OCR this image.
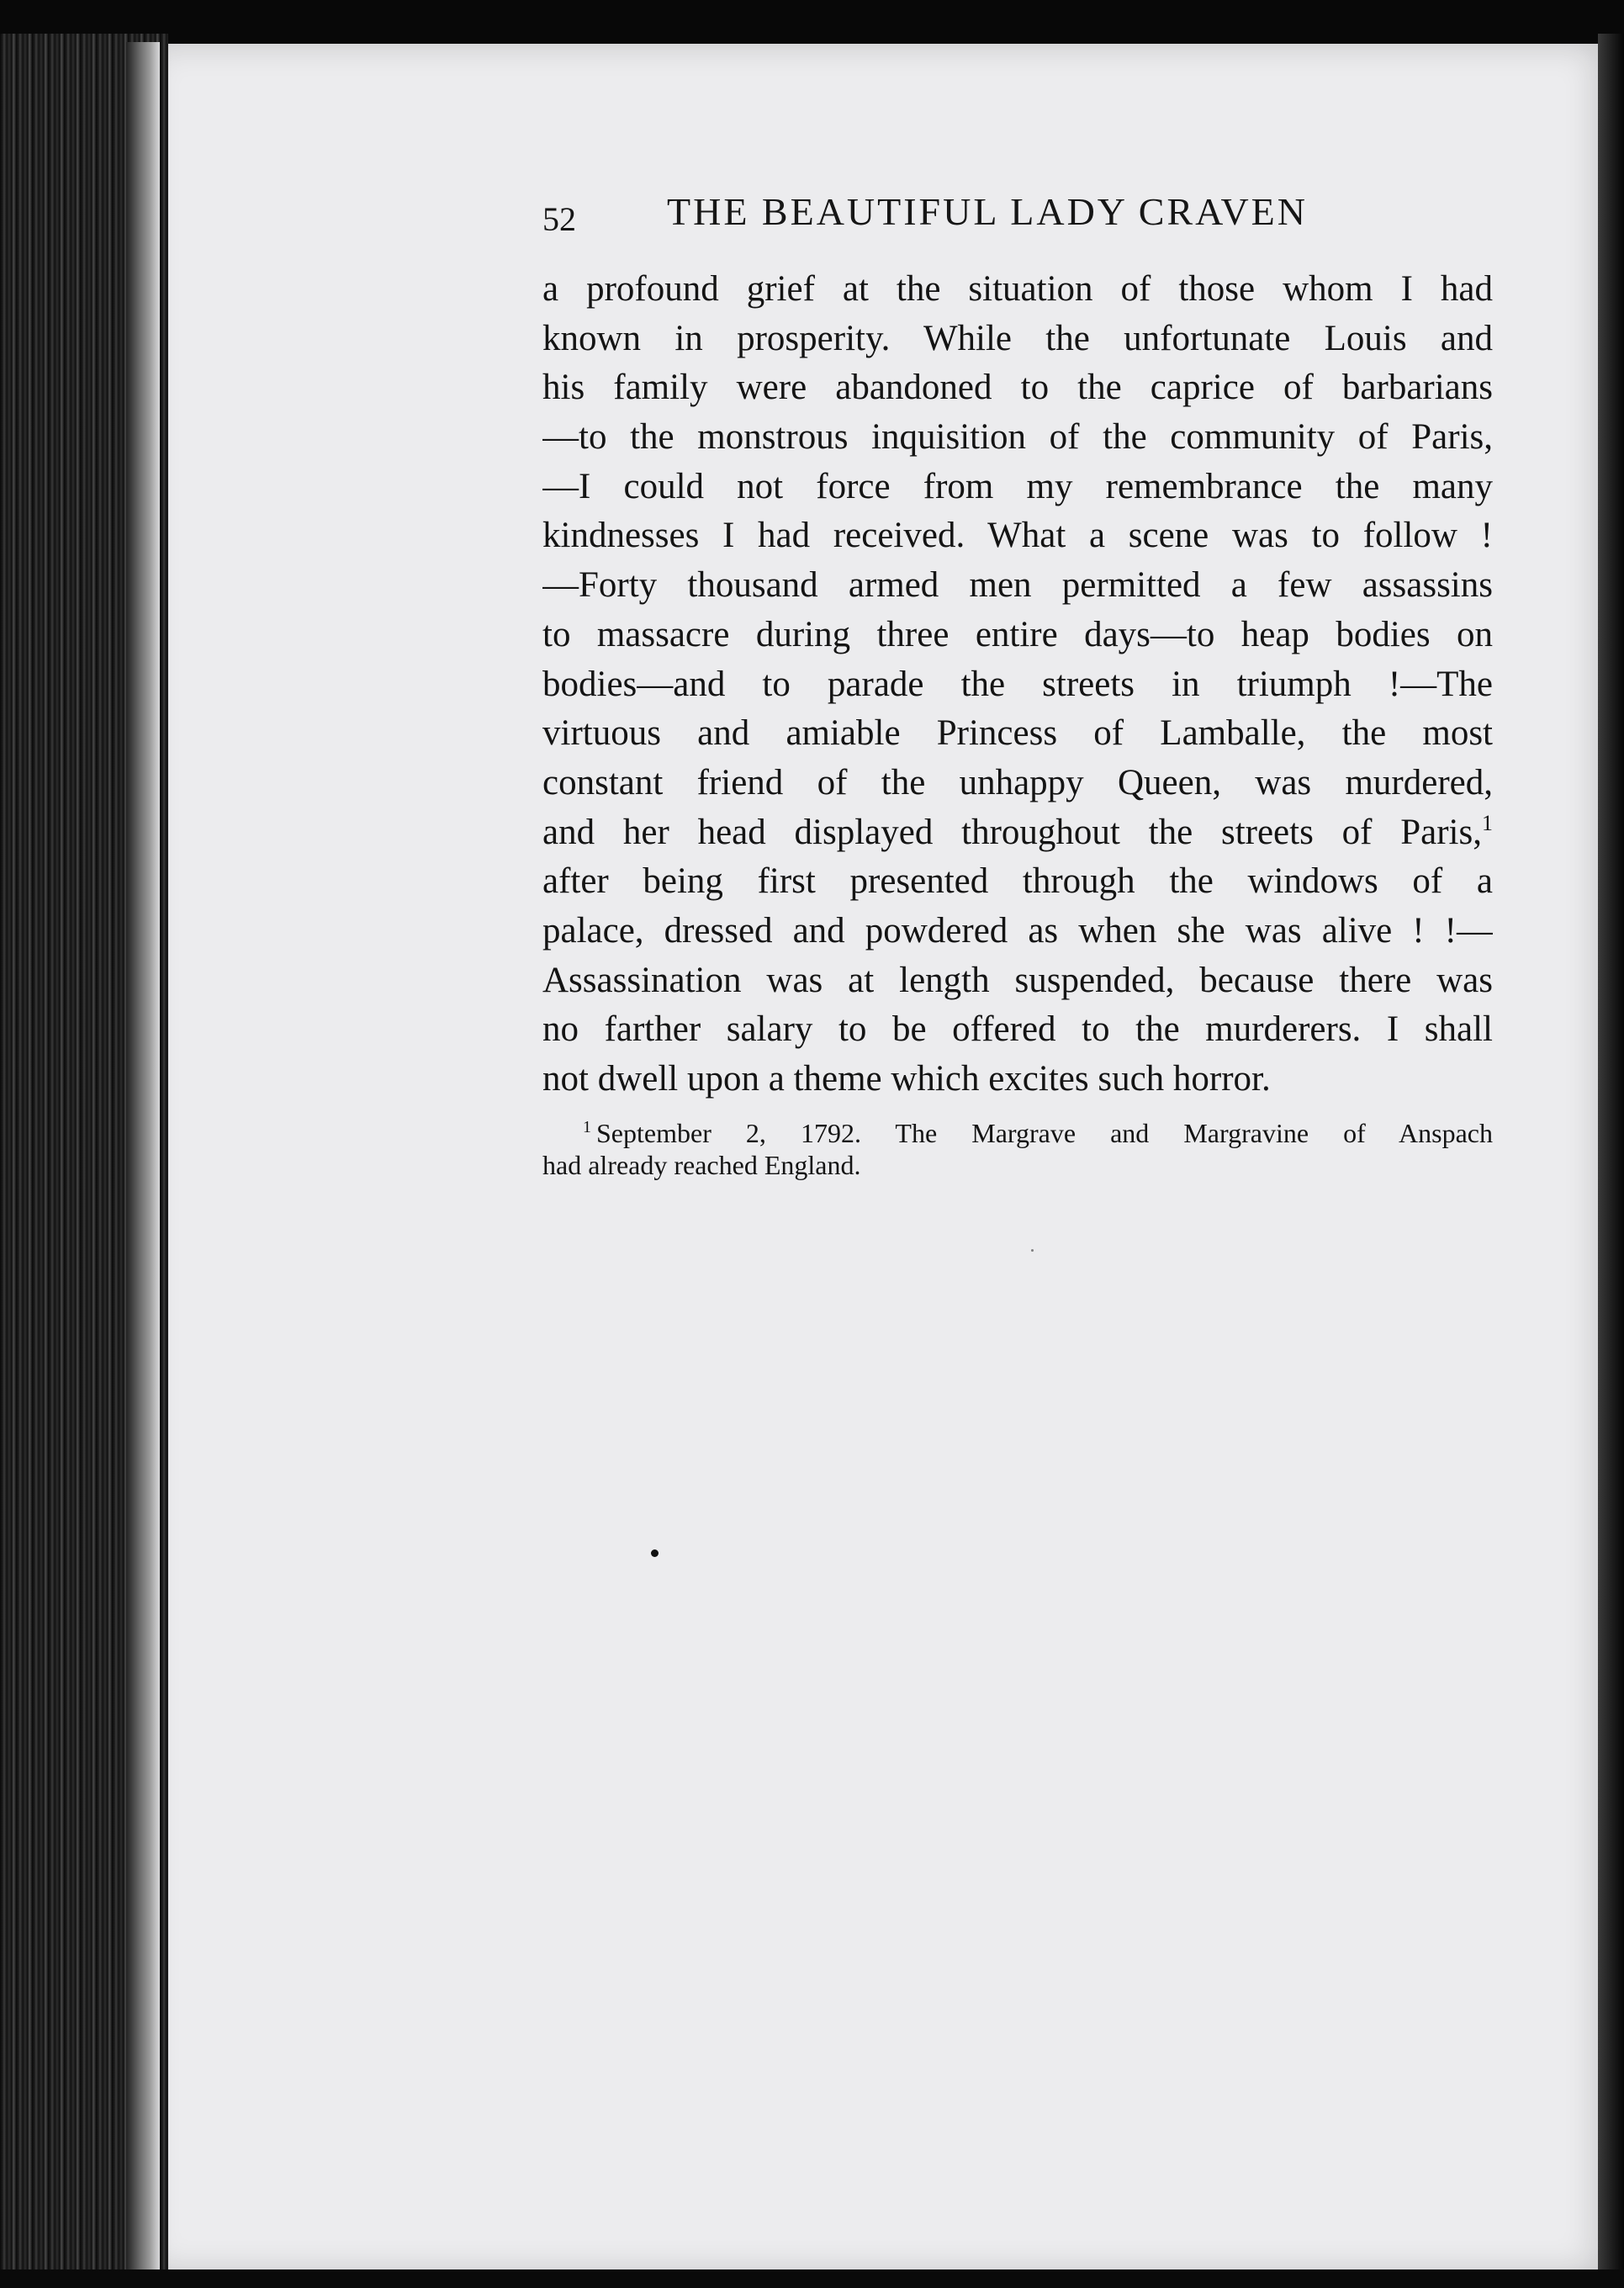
52 THE BEAUTIFUL LADY CRAVEN
a profound grief at the situation of those whom I had
known in prosperity. While the unfortunate Louis and
his family were abandoned to the caprice of barbarians
—to the monstrous inquisition of the community of Paris,
—I could not force from my remembrance the many
kindnesses I had received. What a scene was to follow !
—Forty thousand armed men permitted a few assassins
to massacre during three entire days—to heap bodies on
bodies—and to parade the streets in triumph !—The
virtuous and amiable Princess of Lamballe, the most
constant friend of the unhappy Queen, was murdered,
and her head displayed throughout the streets of Paris,$^1$
after being first presented through the windows of a
palace, dressed and powdered as when she was alive ! !—
Assassination was at length suspended, because there was
no farther salary to be offered to the murderers. I shall
not dwell upon a theme which excites such horror.
$^1$ September 2, 1792. The Margrave and Margravine of Anspach
had already reached England.
